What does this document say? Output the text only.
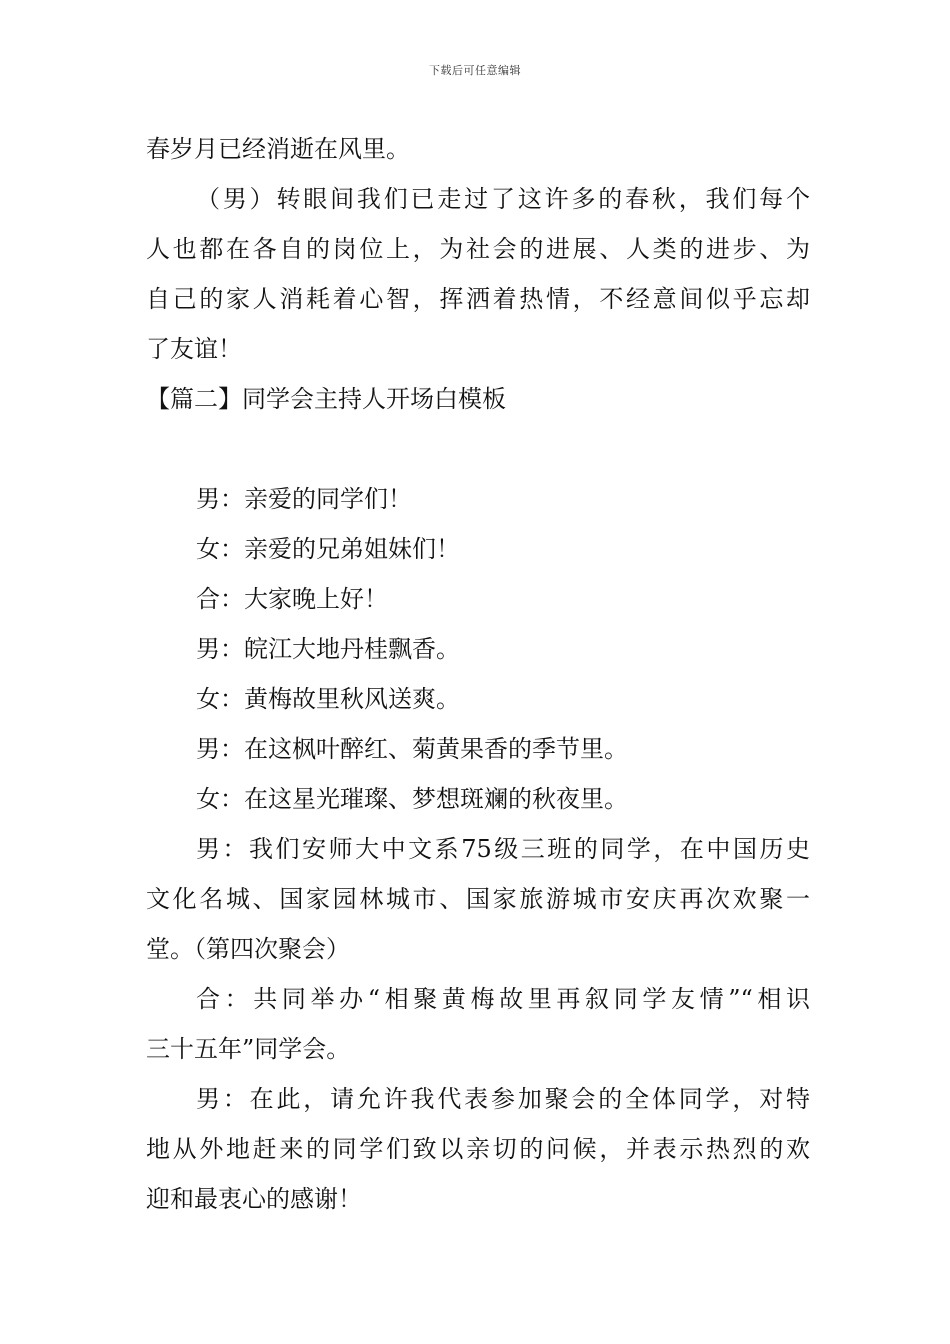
下载后可任意编辑

春岁月已经消逝在风里。

（男）转眼间我们已走过了这许多的春秋，我们每个

人也都在各自的岗位上，为社会的进展、人类的进步、为

自己的家人消耗着心智，挥洒着热情，不经意间似乎忘却

了友谊！

【篇二】同学会主持人开场白模板

男：亲爱的同学们！

女：亲爱的兄弟姐妹们！

合：大家晚上好！

男：皖江大地丹桂飘香。

女：黄梅故里秋风送爽。

男：在这枫叶醉红、菊黄果香的季节里。

女：在这星光璀璨、梦想斑斓的秋夜里。

男：我们安师大中文系75级三班的同学，在中国历史

文化名城、国家园林城市、国家旅游城市安庆再次欢聚一

堂。（第四次聚会）

合：共同举办“相聚黄梅故里再叙同学友情”“相识

三十五年”同学会。

男：在此，请允许我代表参加聚会的全体同学，对特

地从外地赶来的同学们致以亲切的问候，并表示热烈的欢

迎和最衷心的感谢！
